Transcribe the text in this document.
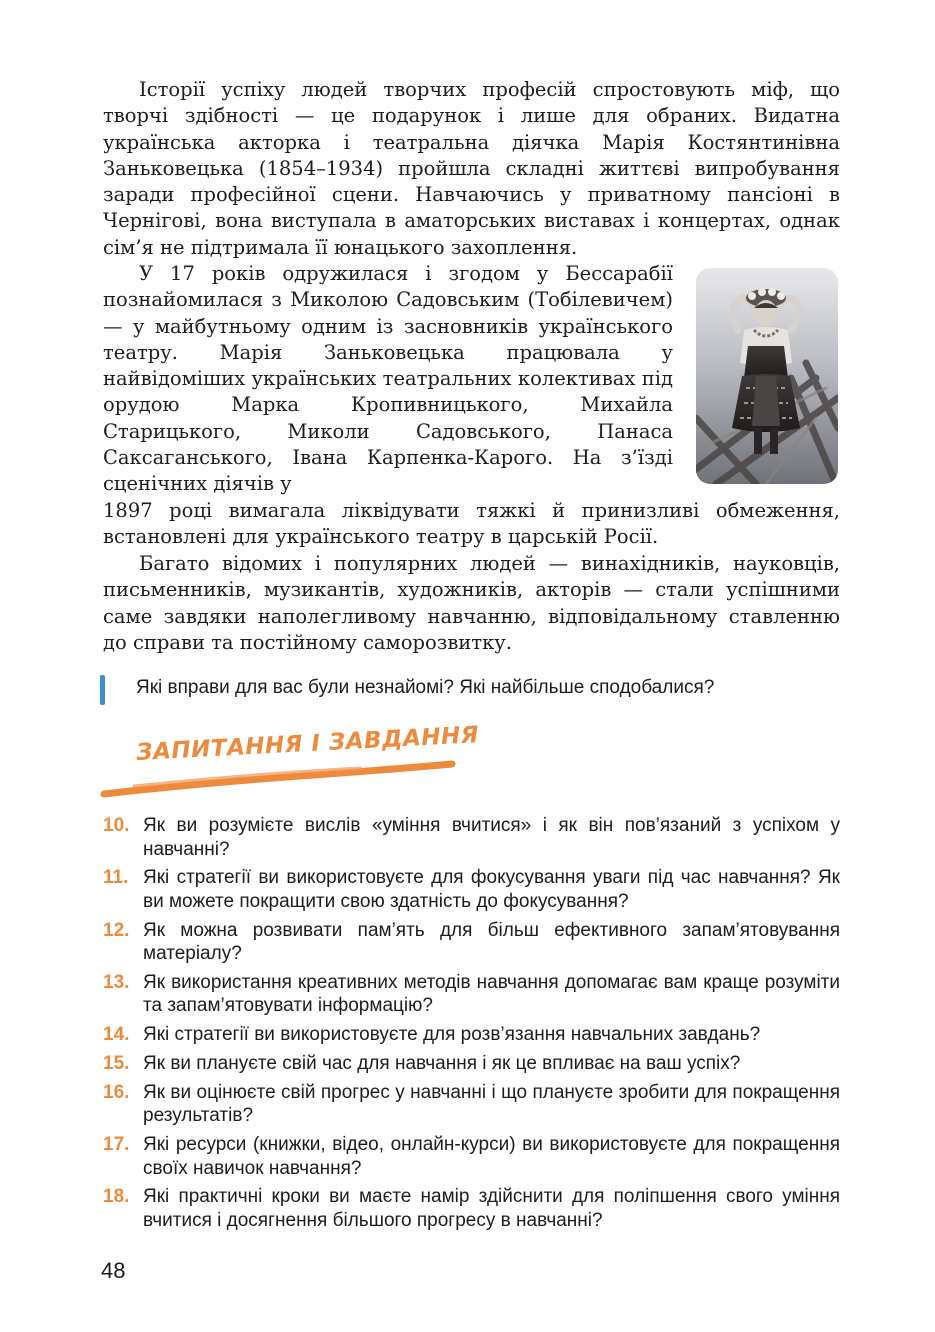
Історії успіху людей творчих професій спростовують міф, що творчі здібності — це подарунок і лише для обраних. Видатна українська акторка і театральна діячка Марія Костянтинівна Заньковецька (1854–1934) пройшла складні життєві випробування заради професійної сцени. Навчаючись у приватному пансіоні в Чернігові, вона виступала в аматорських виставах і концертах, однак сім’я не підтримала її юнацького захоплення.

У 17 років одружилася і згодом у Бессарабії познайомилася з Миколою Садовським (Тобілевичем) — у майбутньому одним із засновників українського театру. Марія Заньковецька працювала у найвідоміших українських театральних колективах під орудою Марка Кропивницького, Михайла Старицького, Миколи Садовського, Панаса Саксаганського, Івана Карпенка-Карого. На з’їзді сценічних діячів у

1897 році вимагала ліквідувати тяжкі й принизливі обмеження, встановлені для українського театру в царській Росії.

Багато відомих і популярних людей — винахідників, науковців, письменників, музикантів, художників, акторів — стали успішними саме завдяки наполегливому навчанню, відповідальному ставленню до справи та постійному саморозвитку.

Які вправи для вас були незнайомі? Які найбільше сподобалися?
ЗАПИТАННЯ І ЗАВДАННЯ
10. Як ви розумієте вислів «уміння вчитися» і як він пов’язаний з успіхом у навчанні?
11. Які стратегії ви використовуєте для фокусування уваги під час навчання? Як ви можете покращити свою здатність до фокусування?
12. Як можна розвивати пам’ять для більш ефективного запам’ятовування матеріалу?
13. Як використання креативних методів навчання допомагає вам краще розуміти та запам’ятовувати інформацію?
14. Які стратегії ви використовуєте для розв’язання навчальних завдань?
15. Як ви плануєте свій час для навчання і як це впливає на ваш успіх?
16. Як ви оцінюєте свій прогрес у навчанні і що плануєте зробити для покращення результатів?
17. Які ресурси (книжки, відео, онлайн-курси) ви використовуєте для покращення своїх навичок навчання?
18. Які практичні кроки ви маєте намір здійснити для поліпшення свого уміння вчитися і досягнення більшого прогресу в навчанні?
48
